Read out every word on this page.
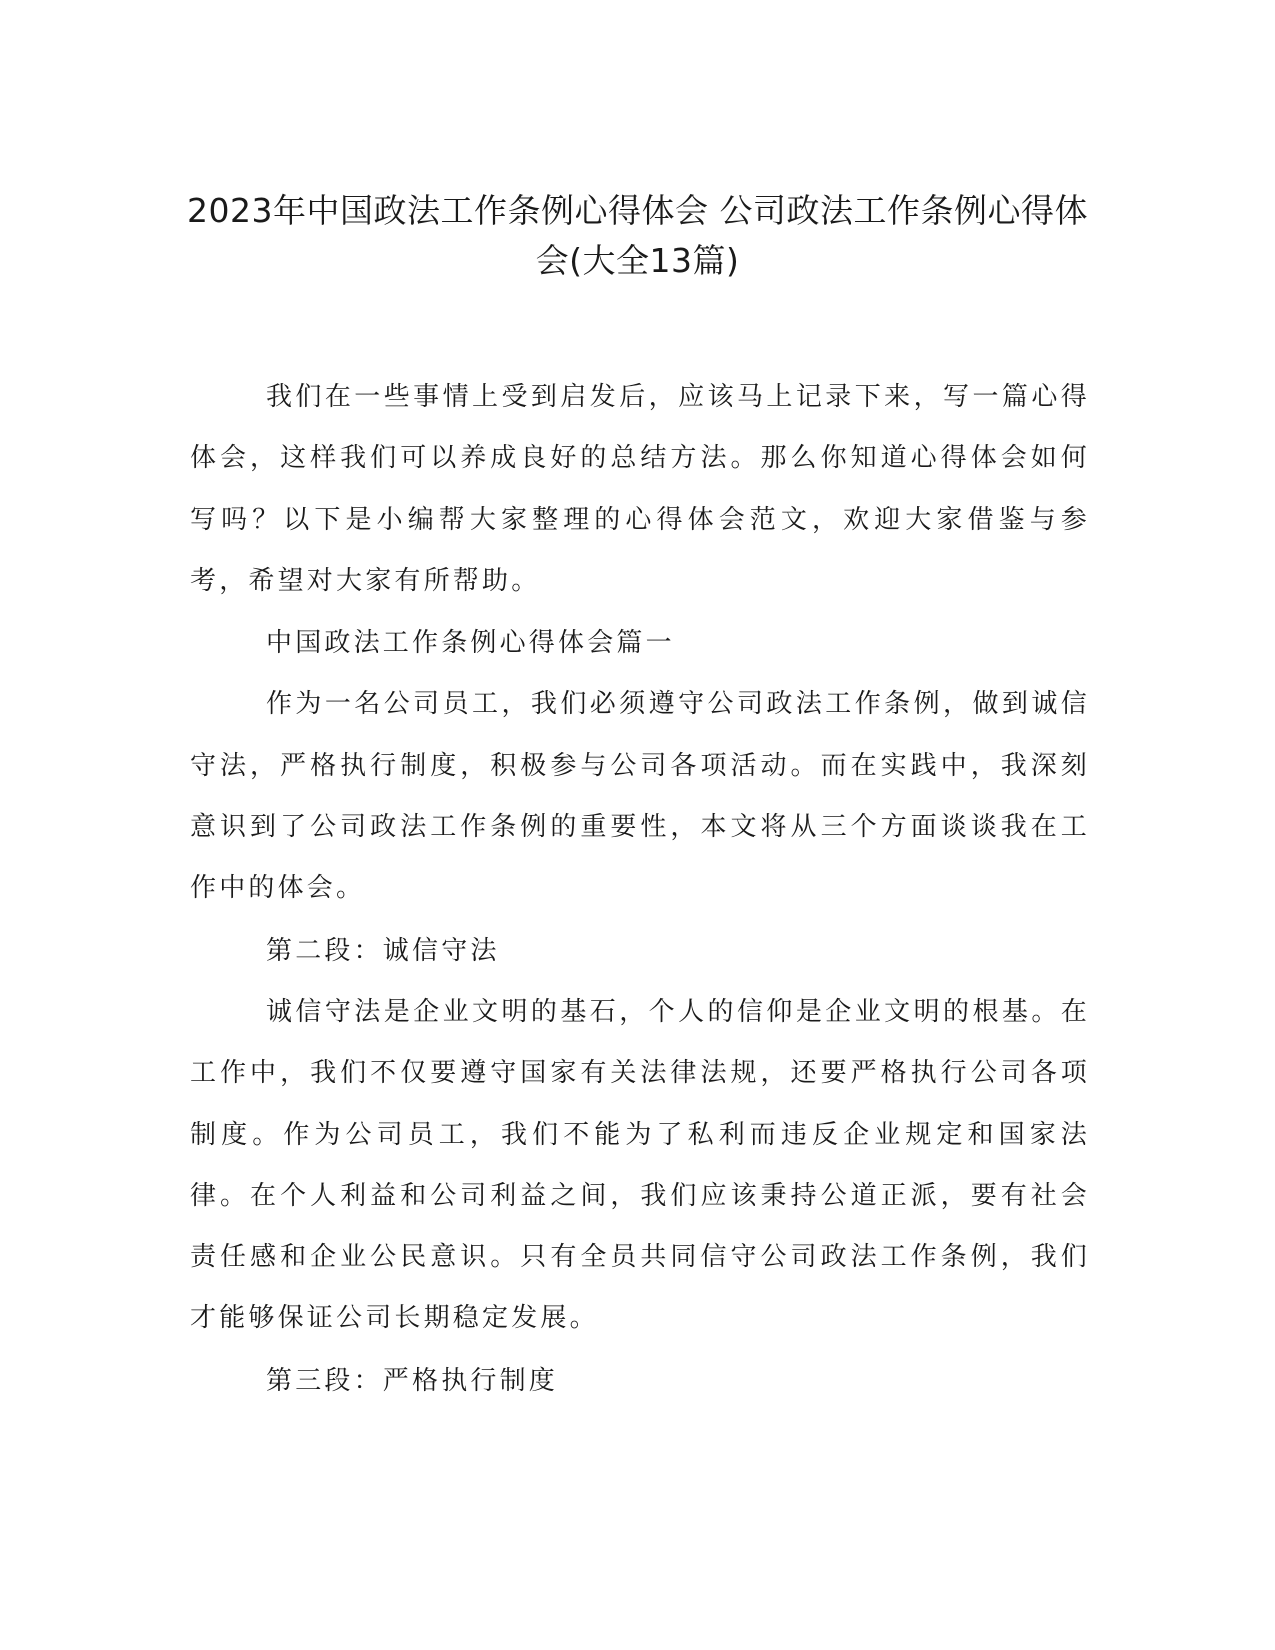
2023年中国政法工作条例心得体会 公司政法工作条例心得体会(大全13篇)

我们在一些事情上受到启发后，应该马上记录下来，写一篇心得体会，这样我们可以养成良好的总结方法。那么你知道心得体会如何写吗？以下是小编帮大家整理的心得体会范文，欢迎大家借鉴与参考，希望对大家有所帮助。

中国政法工作条例心得体会篇一

作为一名公司员工，我们必须遵守公司政法工作条例，做到诚信守法，严格执行制度，积极参与公司各项活动。而在实践中，我深刻意识到了公司政法工作条例的重要性，本文将从三个方面谈谈我在工作中的体会。

第二段：诚信守法

诚信守法是企业文明的基石，个人的信仰是企业文明的根基。在工作中，我们不仅要遵守国家有关法律法规，还要严格执行公司各项制度。作为公司员工，我们不能为了私利而违反企业规定和国家法律。在个人利益和公司利益之间，我们应该秉持公道正派，要有社会责任感和企业公民意识。只有全员共同信守公司政法工作条例，我们才能够保证公司长期稳定发展。

第三段：严格执行制度
